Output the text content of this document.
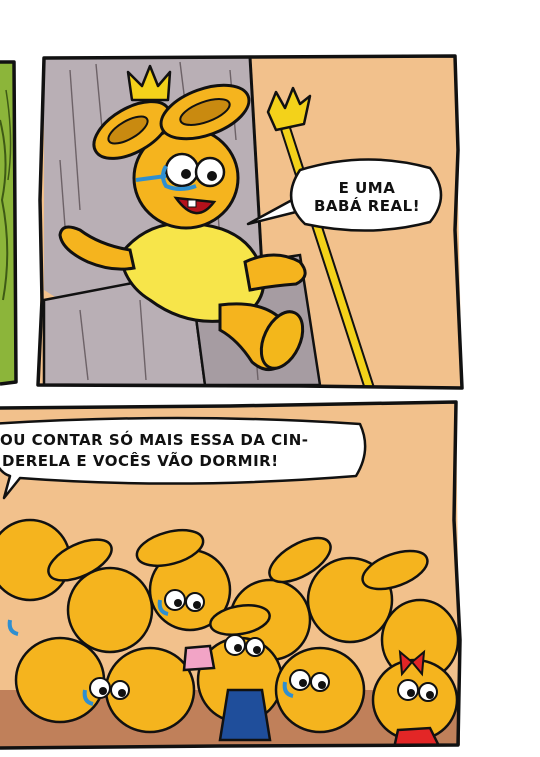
E UMA
BABÁ REAL!
OU CONTAR SÓ MAIS ESSA DA CIN-
DERELA E VOCÊS VÃO DORMIR!
